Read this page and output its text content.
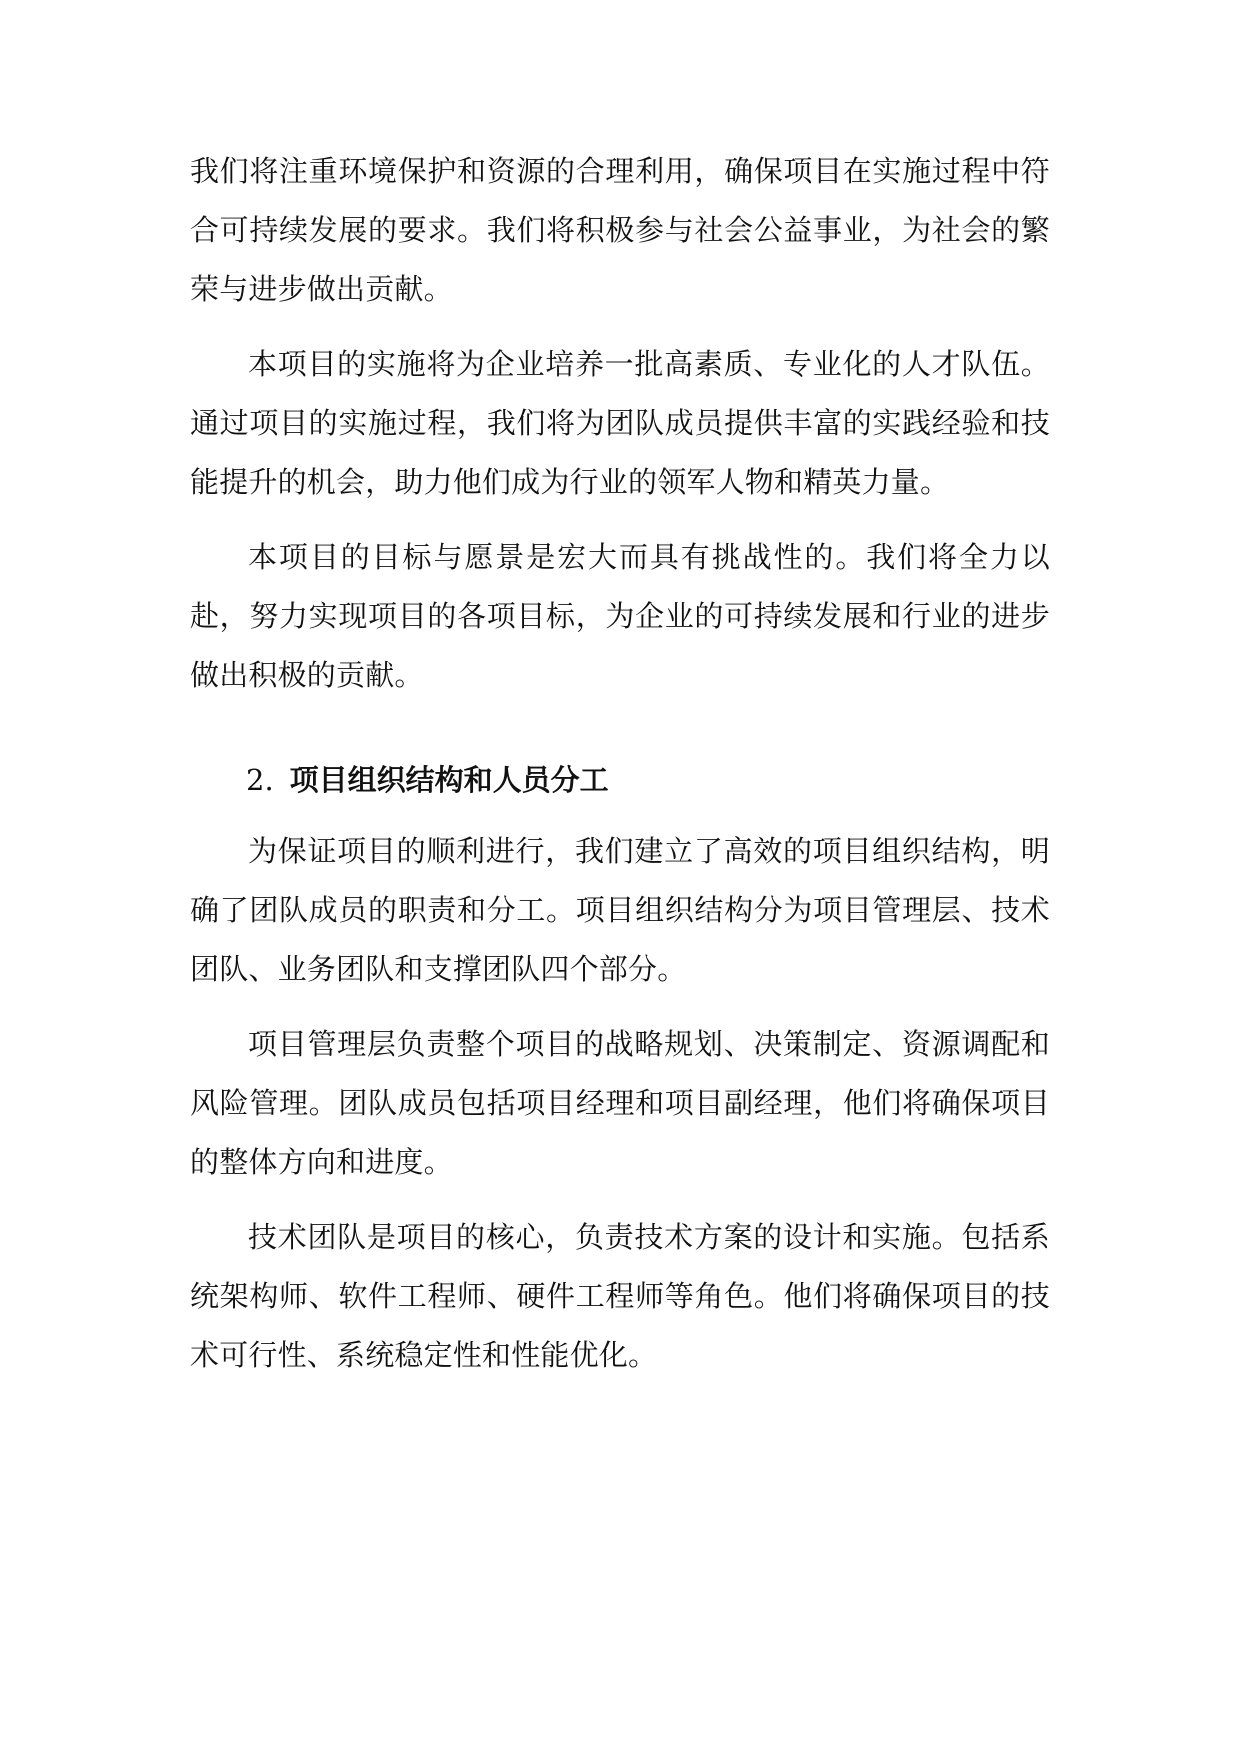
我们将注重环境保护和资源的合理利用，确保项目在实施过程中符合可持续发展的要求。我们将积极参与社会公益事业，为社会的繁荣与进步做出贡献。

本项目的实施将为企业培养一批高素质、专业化的人才队伍。通过项目的实施过程，我们将为团队成员提供丰富的实践经验和技能提升的机会，助力他们成为行业的领军人物和精英力量。

本项目的目标与愿景是宏大而具有挑战性的。我们将全力以赴，努力实现项目的各项目标，为企业的可持续发展和行业的进步做出积极的贡献。

2. 项目组织结构和人员分工

为保证项目的顺利进行，我们建立了高效的项目组织结构，明确了团队成员的职责和分工。项目组织结构分为项目管理层、技术团队、业务团队和支撑团队四个部分。

项目管理层负责整个项目的战略规划、决策制定、资源调配和风险管理。团队成员包括项目经理和项目副经理，他们将确保项目的整体方向和进度。

技术团队是项目的核心，负责技术方案的设计和实施。包括系统架构师、软件工程师、硬件工程师等角色。他们将确保项目的技术可行性、系统稳定性和性能优化。
